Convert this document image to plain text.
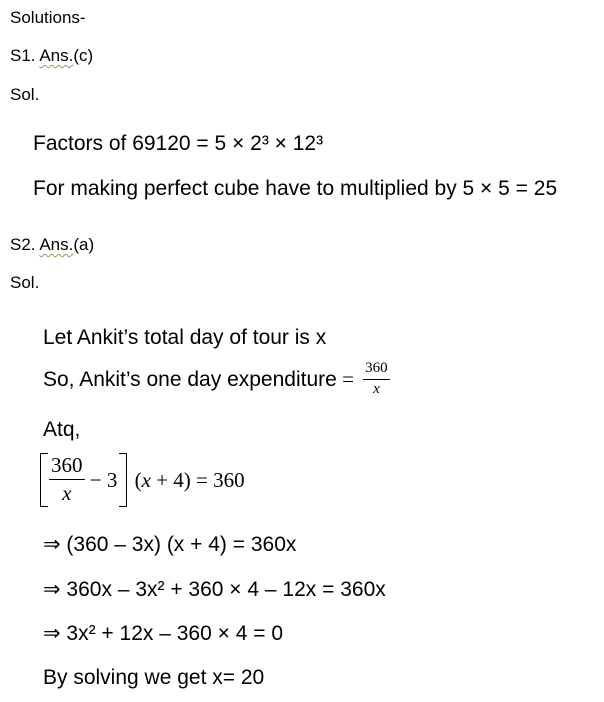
Solutions-
S1. Ans.(c)
Sol.
Factors of 69120 = 5 × 2³ × 12³
For making perfect cube have to multiplied by 5 × 5 = 25
S2. Ans.(a)
Sol.
Let Ankit’s total day of tour is x
So, Ankit’s one day expenditure = $\frac{360}{x}$
Atq,
$\frac{360}{x} - 3$ ( x + 4) = 360
⇒ (360 – 3x) (x + 4) = 360x
⇒ 360x – 3x² + 360 × 4 – 12x = 360x
⇒ 3x² + 12x – 360 × 4 = 0
By solving we get x= 20
